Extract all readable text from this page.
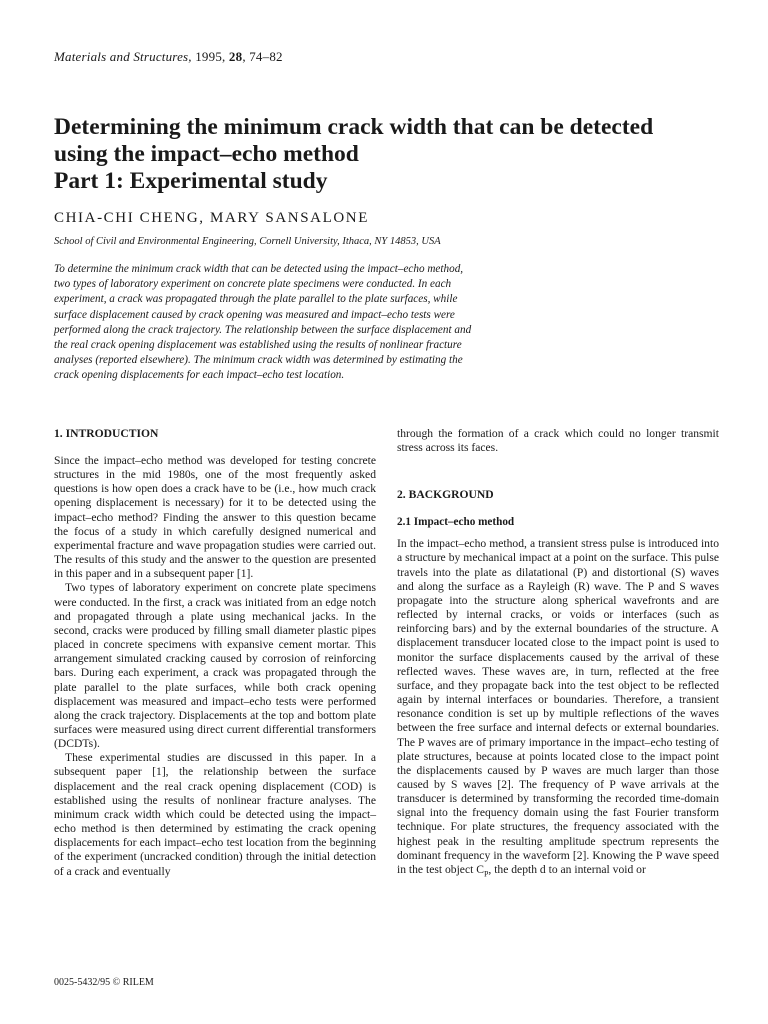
Materials and Structures, 1995, 28, 74–82
Determining the minimum crack width that can be detected
using the impact–echo method
Part 1: Experimental study
CHIA-CHI CHENG, MARY SANSALONE
School of Civil and Environmental Engineering, Cornell University, Ithaca, NY 14853, USA
To determine the minimum crack width that can be detected using the impact–echo method,
two types of laboratory experiment on concrete plate specimens were conducted. In each
experiment, a crack was propagated through the plate parallel to the plate surfaces, while
surface displacement caused by crack opening was measured and impact–echo tests were
performed along the crack trajectory. The relationship between the surface displacement and
the real crack opening displacement was established using the results of nonlinear fracture
analyses (reported elsewhere). The minimum crack width was determined by estimating the
crack opening displacements for each impact–echo test location.
1. INTRODUCTION

Since the impact–echo method was developed for testing concrete structures in the mid 1980s, one of the most frequently asked questions is how open does a crack have to be (i.e., how much crack opening displacement is necessary) for it to be detected using the impact–echo method? Finding the answer to this question became the focus of a study in which carefully designed numerical and experimental fracture and wave propagation studies were carried out. The results of this study and the answer to the question are presented in this paper and in a subsequent paper [1].

Two types of laboratory experiment on concrete plate specimens were conducted. In the first, a crack was initiated from an edge notch and propagated through a plate using mechanical jacks. In the second, cracks were produced by filling small diameter plastic pipes placed in concrete specimens with expansive cement mortar. This arrangement simulated cracking caused by corrosion of reinforcing bars. During each experiment, a crack was propagated through the plate parallel to the plate surfaces, while both crack opening displacement was measured and impact–echo tests were performed along the crack trajectory. Displacements at the top and bottom plate surfaces were measured using direct current differential transformers (DCDTs).

These experimental studies are discussed in this paper. In a subsequent paper [1], the relationship between the surface displacement and the real crack opening displacement (COD) is established using the results of nonlinear fracture analyses. The minimum crack width which could be detected using the impact–echo method is then determined by estimating the crack opening displacements for each impact–echo test location from the beginning of the experiment (uncracked condition) through the initial detection of a crack and eventually

through the formation of a crack which could no longer transmit stress across its faces.

2. BACKGROUND
2.1 Impact–echo method

In the impact–echo method, a transient stress pulse is introduced into a structure by mechanical impact at a point on the surface. This pulse travels into the plate as dilatational (P) and distortional (S) waves and along the surface as a Rayleigh (R) wave. The P and S waves propagate into the structure along spherical wavefronts and are reflected by internal cracks, or voids or interfaces (such as reinforcing bars) and by the external boundaries of the structure. A displacement transducer located close to the impact point is used to monitor the surface displacements caused by the arrival of these reflected waves. These waves are, in turn, reflected at the free surface, and they propagate back into the test object to be reflected again by internal interfaces or boundaries. Therefore, a transient resonance condition is set up by multiple reflections of the waves between the free surface and internal defects or external boundaries. The P waves are of primary importance in the impact–echo testing of plate structures, because at points located close to the impact point the displacements caused by P waves are much larger than those caused by S waves [2]. The frequency of P wave arrivals at the transducer is determined by transforming the recorded time-domain signal into the frequency domain using the fast Fourier transform technique. For plate structures, the frequency associated with the highest peak in the resulting amplitude spectrum represents the dominant frequency in the waveform [2]. Knowing the P wave speed in the test object $C_P$, the depth d to an internal void or

0025-5432/95 © RILEM
